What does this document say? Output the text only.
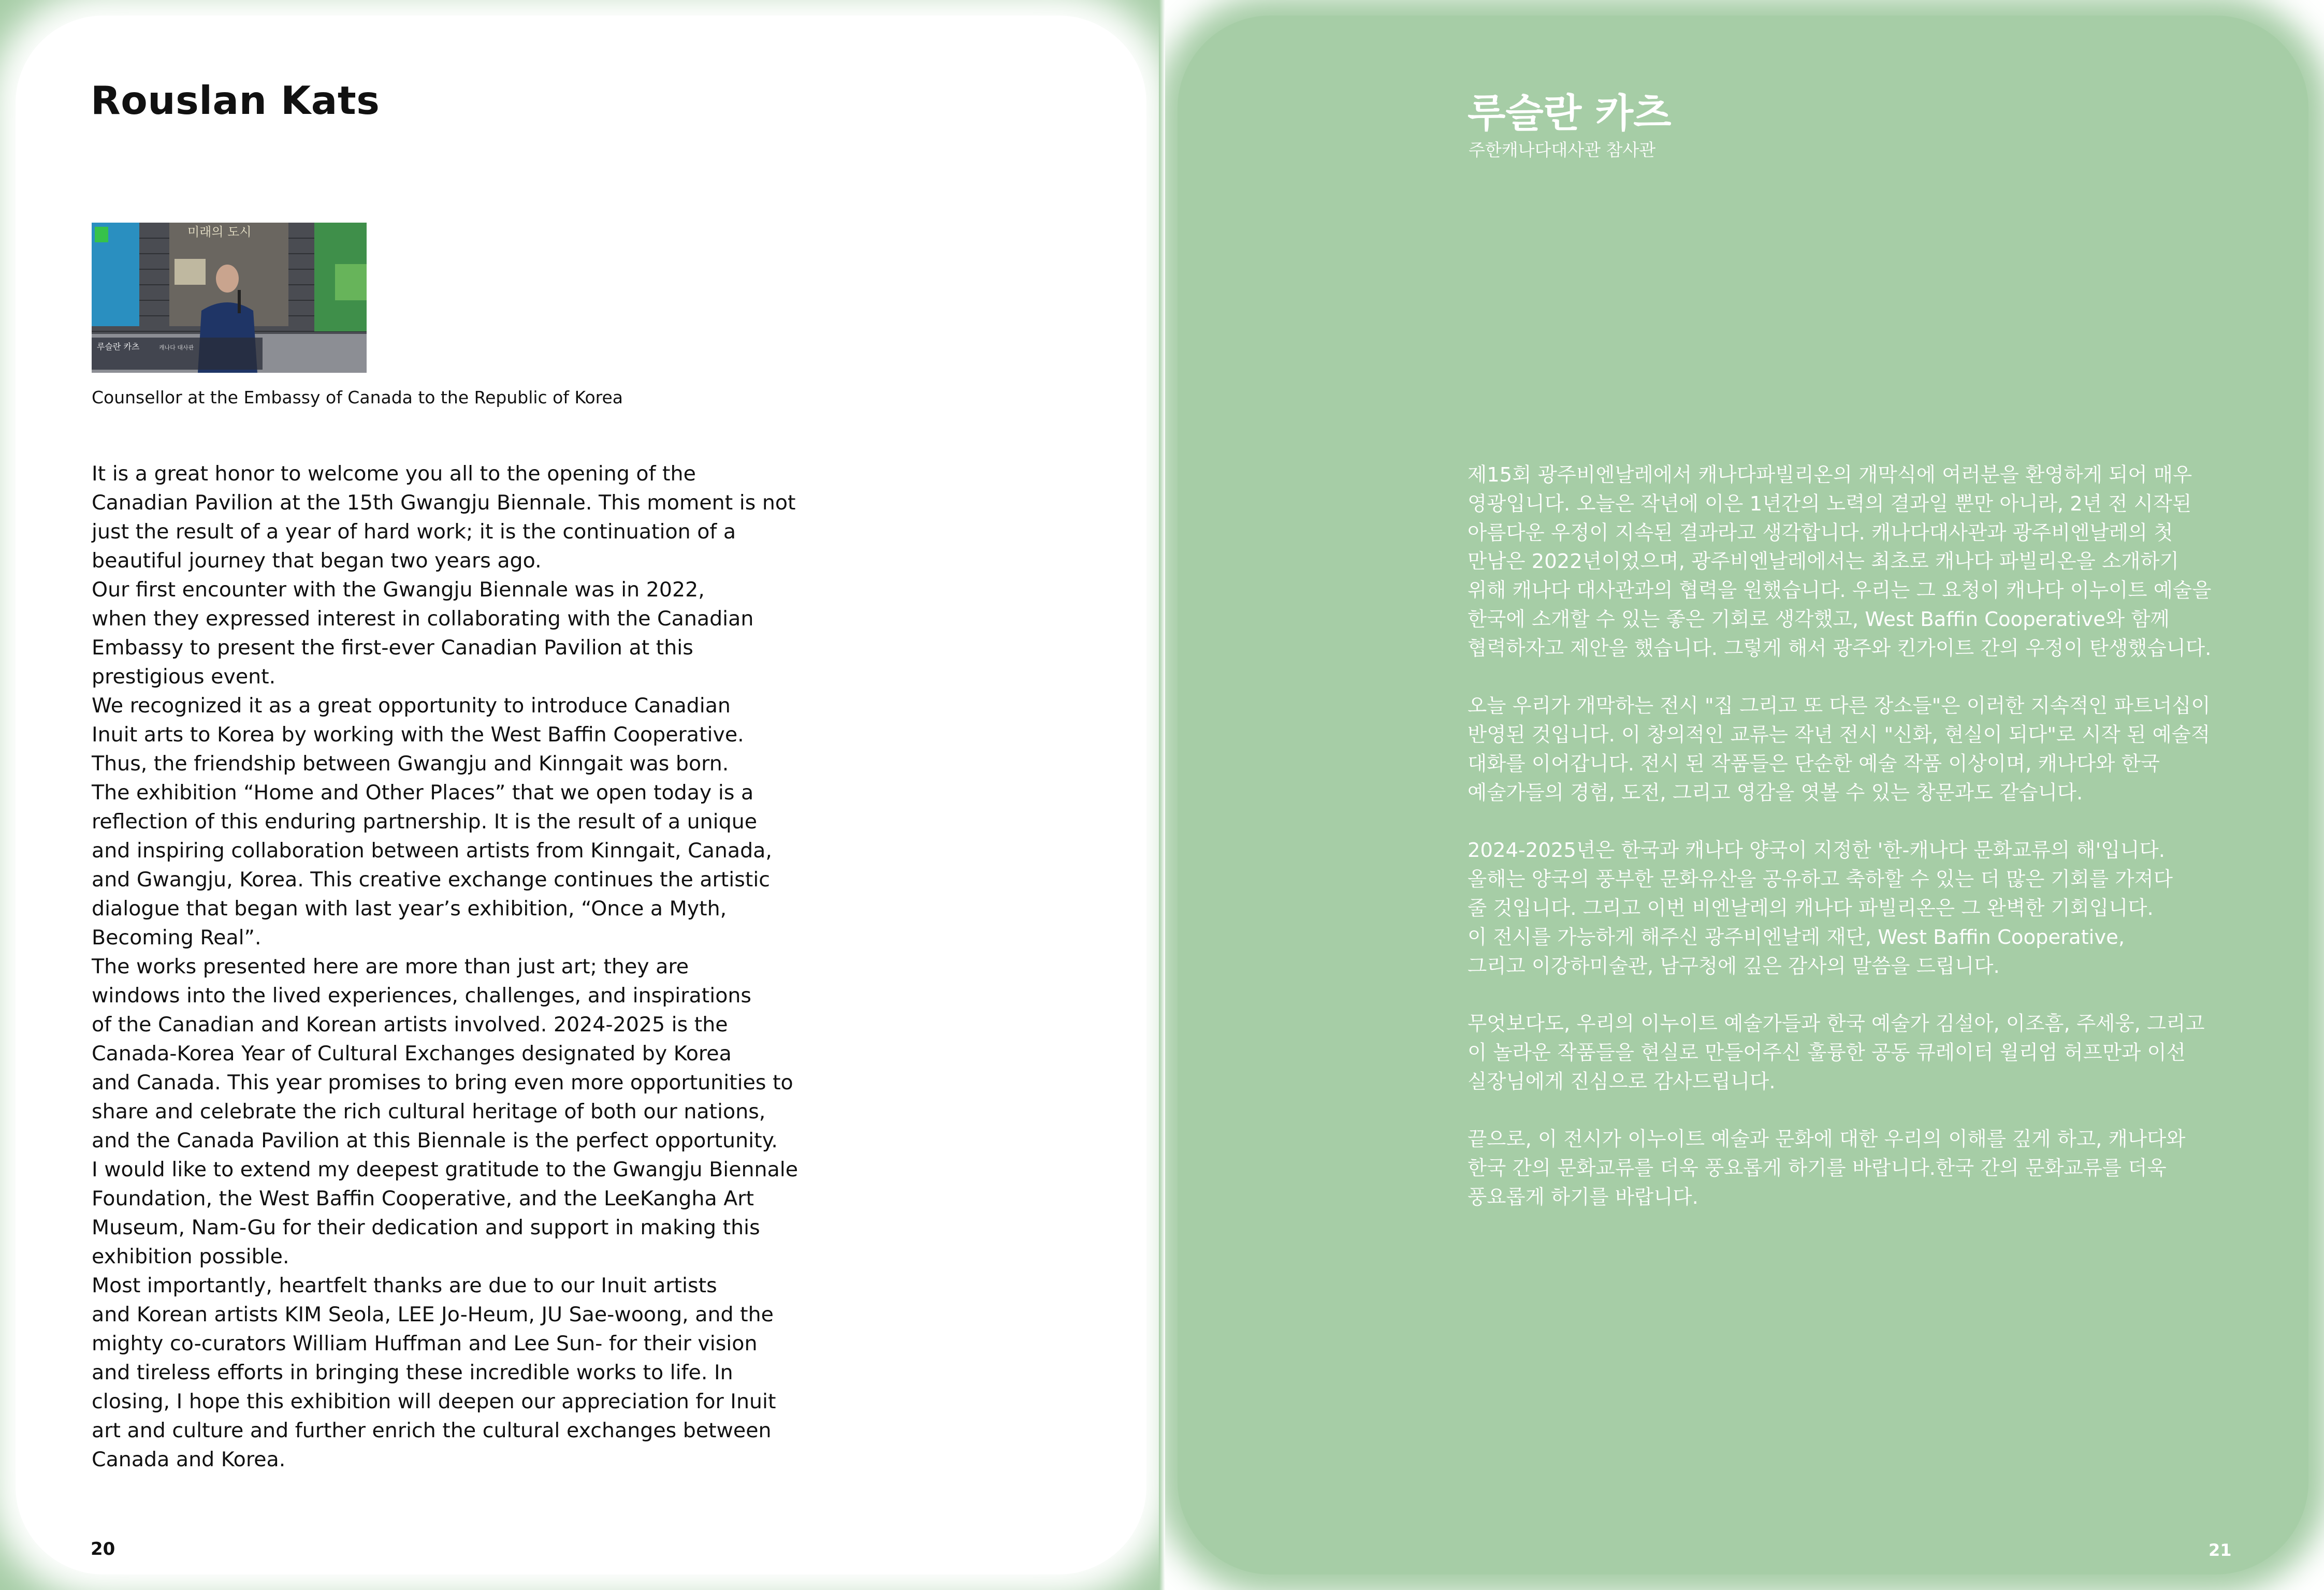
Rouslan Kats
미래의 도시
루슬란 카츠	캐나다 대사관
Counsellor at the Embassy of Canada to the Republic of Korea
It is a great honor to welcome you all to the opening of the
Canadian Pavilion at the 15th Gwangju Biennale. This moment is not
just the result of a year of hard work; it is the continuation of a
beautiful journey that began two years ago.
Our first encounter with the Gwangju Biennale was in 2022,
when they expressed interest in collaborating with the Canadian
Embassy to present the first-ever Canadian Pavilion at this
prestigious event.
We recognized it as a great opportunity to introduce Canadian
Inuit arts to Korea by working with the West Baffin Cooperative.
Thus, the friendship between Gwangju and Kinngait was born.
The exhibition “Home and Other Places” that we open today is a
reflection of this enduring partnership. It is the result of a unique
and inspiring collaboration between artists from Kinngait, Canada,
and Gwangju, Korea. This creative exchange continues the artistic
dialogue that began with last year’s exhibition, “Once a Myth,
Becoming Real”.
The works presented here are more than just art; they are
windows into the lived experiences, challenges, and inspirations
of the Canadian and Korean artists involved. 2024-2025 is the
Canada-Korea Year of Cultural Exchanges designated by Korea
and Canada. This year promises to bring even more opportunities to
share and celebrate the rich cultural heritage of both our nations,
and the Canada Pavilion at this Biennale is the perfect opportunity.
I would like to extend my deepest gratitude to the Gwangju Biennale
Foundation, the West Baffin Cooperative, and the LeeKangha Art
Museum, Nam-Gu for their dedication and support in making this
exhibition possible.
Most importantly, heartfelt thanks are due to our Inuit artists
and Korean artists KIM Seola, LEE Jo-Heum, JU Sae-woong, and the
mighty co-curators William Huffman and Lee Sun- for their vision
and tireless efforts in bringing these incredible works to life. In
closing, I hope this exhibition will deepen our appreciation for Inuit
art and culture and further enrich the cultural exchanges between
Canada and Korea.
20
루슬란 카츠
주한캐나다대사관 참사관
제15회 광주비엔날레에서 캐나다파빌리온의 개막식에 여러분을 환영하게 되어 매우
영광입니다. 오늘은 작년에 이은 1년간의 노력의 결과일 뿐만 아니라, 2년 전 시작된
아름다운 우정이 지속된 결과라고 생각합니다. 캐나다대사관과 광주비엔날레의 첫
만남은 2022년이었으며, 광주비엔날레에서는 최초로 캐나다 파빌리온을 소개하기
위해 캐나다 대사관과의 협력을 원했습니다. 우리는 그 요청이 캐나다 이누이트 예술을
한국에 소개할 수 있는 좋은 기회로 생각했고, West Baffin Cooperative와 함께
협력하자고 제안을 했습니다. 그렇게 해서 광주와 킨가이트 간의 우정이 탄생했습니다.
오늘 우리가 개막하는 전시 "집 그리고 또 다른 장소들"은 이러한 지속적인 파트너십이
반영된 것입니다. 이 창의적인 교류는 작년 전시 "신화, 현실이 되다"로 시작 된 예술적
대화를 이어갑니다. 전시 된 작품들은 단순한 예술 작품 이상이며, 캐나다와 한국
예술가들의 경험, 도전, 그리고 영감을 엿볼 수 있는 창문과도 같습니다.
2024-2025년은 한국과 캐나다 양국이 지정한 '한-캐나다 문화교류의 해'입니다.
올해는 양국의 풍부한 문화유산을 공유하고 축하할 수 있는 더 많은 기회를 가져다
줄 것입니다. 그리고 이번 비엔날레의 캐나다 파빌리온은 그 완벽한 기회입니다.
이 전시를 가능하게 해주신 광주비엔날레 재단, West Baffin Cooperative,
그리고 이강하미술관, 남구청에 깊은 감사의 말씀을 드립니다.
무엇보다도, 우리의 이누이트 예술가들과 한국 예술가 김설아, 이조흠, 주세웅, 그리고
이 놀라운 작품들을 현실로 만들어주신 훌륭한 공동 큐레이터 윌리엄 허프만과 이선
실장님에게 진심으로 감사드립니다.
끝으로, 이 전시가 이누이트 예술과 문화에 대한 우리의 이해를 깊게 하고, 캐나다와
한국 간의 문화교류를 더욱 풍요롭게 하기를 바랍니다.한국 간의 문화교류를 더욱
풍요롭게 하기를 바랍니다.
21
